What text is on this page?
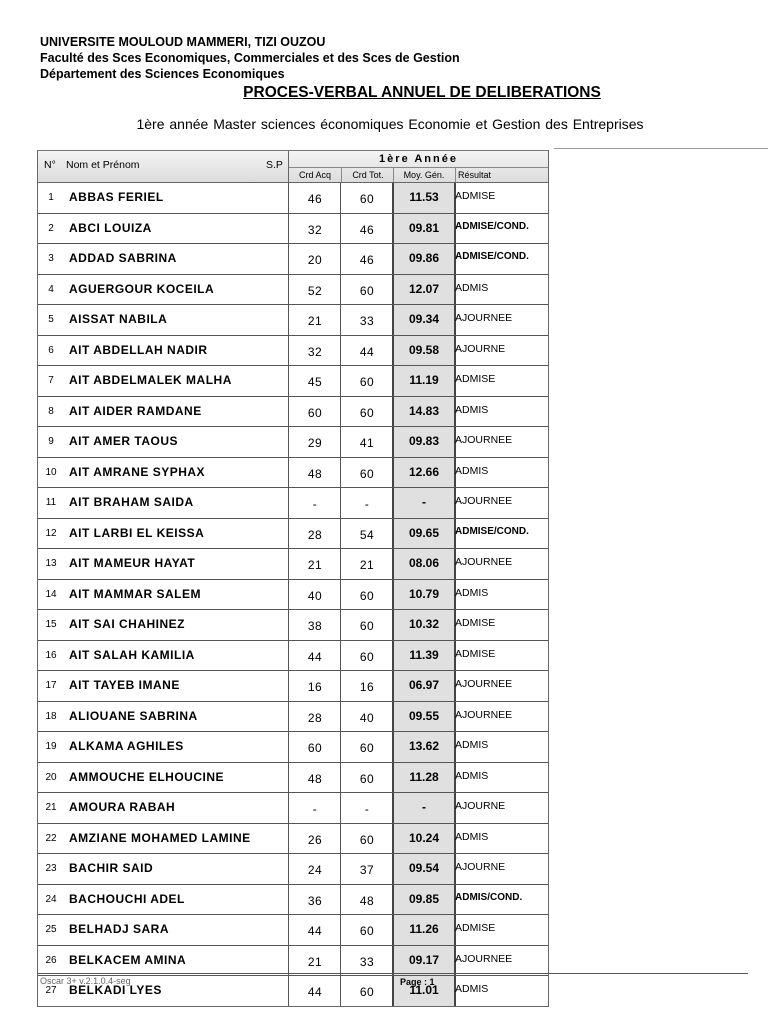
UNIVERSITE MOULOUD MAMMERI, TIZI OUZOU
Faculté des Sces Economiques, Commerciales et des Sces de Gestion
Département des Sciences Economiques
PROCES-VERBAL ANNUEL DE DELIBERATIONS
1ère année Master sciences économiques Economie et Gestion des Entreprises
N° Nom et Prénom	S.P	1ère Année
Crd Acq	Crd Tot.	Moy. Gén.	Résultat
1	ABBAS FERIEL	46	60	11.53	ADMISE
2	ABCI LOUIZA	32	46	09.81	ADMISE/COND.
3	ADDAD SABRINA	20	46	09.86	ADMISE/COND.
4	AGUERGOUR KOCEILA	52	60	12.07	ADMIS
5	AISSAT NABILA	21	33	09.34	AJOURNEE
6	AIT ABDELLAH NADIR	32	44	09.58	AJOURNE
7	AIT ABDELMALEK MALHA	45	60	11.19	ADMISE
8	AIT AIDER RAMDANE	60	60	14.83	ADMIS
9	AIT AMER TAOUS	29	41	09.83	AJOURNEE
10	AIT AMRANE SYPHAX	48	60	12.66	ADMIS
11	AIT BRAHAM SAIDA	-	-	-	AJOURNEE
12	AIT LARBI EL KEISSA	28	54	09.65	ADMISE/COND.
13	AIT MAMEUR HAYAT	21	21	08.06	AJOURNEE
14	AIT MAMMAR SALEM	40	60	10.79	ADMIS
15	AIT SAI CHAHINEZ	38	60	10.32	ADMISE
16	AIT SALAH KAMILIA	44	60	11.39	ADMISE
17	AIT TAYEB IMANE	16	16	06.97	AJOURNEE
18	ALIOUANE SABRINA	28	40	09.55	AJOURNEE
19	ALKAMA AGHILES	60	60	13.62	ADMIS
20	AMMOUCHE ELHOUCINE	48	60	11.28	ADMIS
21	AMOURA RABAH	-	-	-	AJOURNE
22	AMZIANE MOHAMED LAMINE	26	60	10.24	ADMIS
23	BACHIR SAID	24	37	09.54	AJOURNE
24	BACHOUCHI ADEL	36	48	09.85	ADMIS/COND.
25	BELHADJ SARA	44	60	11.26	ADMISE
26	BELKACEM AMINA	21	33	09.17	AJOURNEE
27	BELKADI LYES	44	60	11.01	ADMIS
Oscar 3+ v.2.1.0.4-seg	Page : 1
